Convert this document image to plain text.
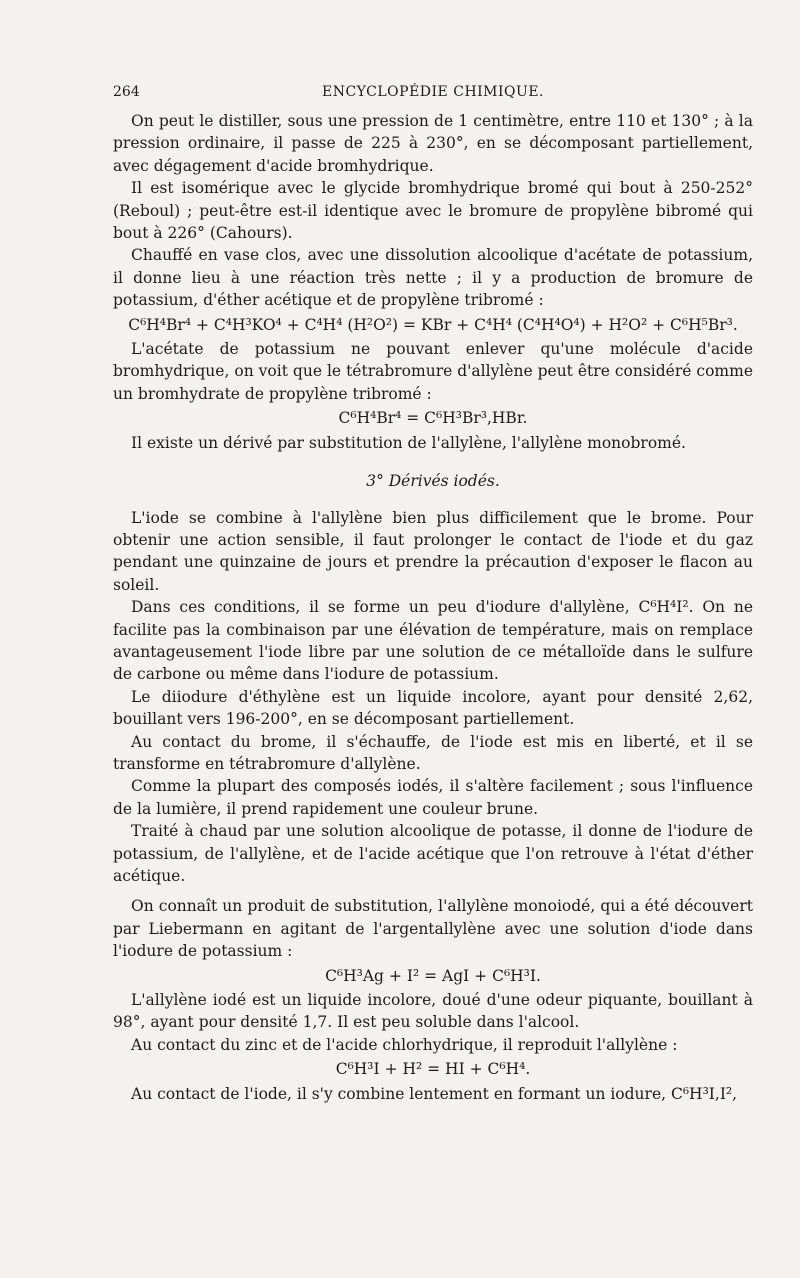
264	ENCYCLOPÉDIE CHIMIQUE.

On peut le distiller, sous une pression de 1 centimètre, entre 110 et 130° ; à la pression ordinaire, il passe de 225 à 230°, en se décomposant partiellement, avec dégagement d'acide bromhydrique.

Il est isomérique avec le glycide bromhydrique bromé qui bout à 250-252° (Reboul) ; peut-être est-il identique avec le bromure de propylène bibromé qui bout à 226° (Cahours).

Chauffé en vase clos, avec une dissolution alcoolique d'acétate de potassium, il donne lieu à une réaction très nette ; il y a production de bromure de potassium, d'éther acétique et de propylène tribromé :

C⁶H⁴Br⁴ + C⁴H³KO⁴ + C⁴H⁴ (H²O²) = KBr + C⁴H⁴ (C⁴H⁴O⁴) + H²O² + C⁶H⁵Br³.

L'acétate de potassium ne pouvant enlever qu'une molécule d'acide bromhydrique, on voit que le tétrabromure d'allylène peut être considéré comme un bromhydrate de propylène tribromé :

C⁶H⁴Br⁴ = C⁶H³Br³,HBr.

Il existe un dérivé par substitution de l'allylène, l'allylène monobromé.

3° Dérivés iodés.

L'iode se combine à l'allylène bien plus difficilement que le brome. Pour obtenir une action sensible, il faut prolonger le contact de l'iode et du gaz pendant une quinzaine de jours et prendre la précaution d'exposer le flacon au soleil.

Dans ces conditions, il se forme un peu d'iodure d'allylène, C⁶H⁴I². On ne facilite pas la combinaison par une élévation de température, mais on remplace avantageusement l'iode libre par une solution de ce métalloïde dans le sulfure de carbone ou même dans l'iodure de potassium.

Le diiodure d'éthylène est un liquide incolore, ayant pour densité 2,62, bouillant vers 196-200°, en se décomposant partiellement.

Au contact du brome, il s'échauffe, de l'iode est mis en liberté, et il se transforme en tétrabromure d'allylène.

Comme la plupart des composés iodés, il s'altère facilement ; sous l'influence de la lumière, il prend rapidement une couleur brune.

Traité à chaud par une solution alcoolique de potasse, il donne de l'iodure de potassium, de l'allylène, et de l'acide acétique que l'on retrouve à l'état d'éther acétique.

On connaît un produit de substitution, l'allylène monoiodé, qui a été découvert par Liebermann en agitant de l'argentallylène avec une solution d'iode dans l'iodure de potassium :

C⁶H³Ag + I² = AgI + C⁶H³I.

L'allylène iodé est un liquide incolore, doué d'une odeur piquante, bouillant à 98°, ayant pour densité 1,7. Il est peu soluble dans l'alcool.

Au contact du zinc et de l'acide chlorhydrique, il reproduit l'allylène :

C⁶H³I + H² = HI + C⁶H⁴.

Au contact de l'iode, il s'y combine lentement en formant un iodure, C⁶H³I,I²,
